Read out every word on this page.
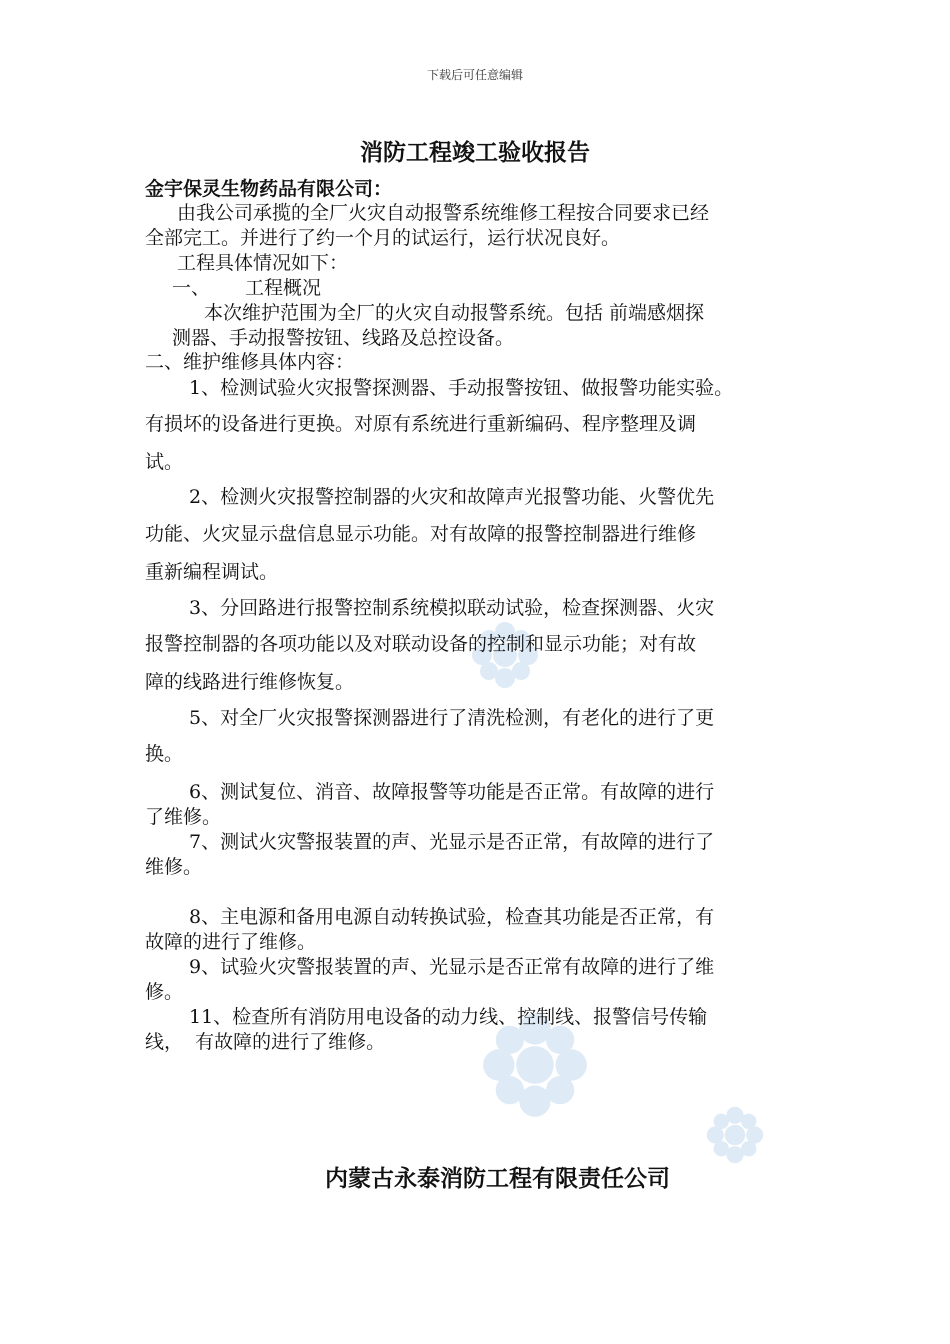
下载后可任意编辑
消防工程竣工验收报告
金宇保灵生物药品有限公司：
由我公司承揽的全厂火灾自动报警系统维修工程按合同要求已经
全部完工。并进行了约一个月的试运行，运行状况良好。
工程具体情况如下：
一、 工程概况
本次维护范围为全厂的火灾自动报警系统。包括 前端感烟探
测器、手动报警按钮、线路及总控设备。
二、维护维修具体内容：
1、检测试验火灾报警探测器、手动报警按钮、做报警功能实验。
有损坏的设备进行更换。对原有系统进行重新编码、程序整理及调
试。
2、检测火灾报警控制器的火灾和故障声光报警功能、火警优先
功能、火灾显示盘信息显示功能。对有故障的报警控制器进行维修
重新编程调试。
3、分回路进行报警控制系统模拟联动试验，检查探测器、火灾
报警控制器的各项功能以及对联动设备的控制和显示功能；对有故
障的线路进行维修恢复。
5、对全厂火灾报警探测器进行了清洗检测，有老化的进行了更
换。
6、测试复位、消音、故障报警等功能是否正常。有故障的进行
了维修。
7、测试火灾警报装置的声、光显示是否正常，有故障的进行了
维修。
8、主电源和备用电源自动转换试验，检查其功能是否正常，有
故障的进行了维修。
9、试验火灾警报装置的声、光显示是否正常有故障的进行了维
修。
11、检查所有消防用电设备的动力线、控制线、报警信号传输
线，  有故障的进行了维修。
内蒙古永泰消防工程有限责任公司
